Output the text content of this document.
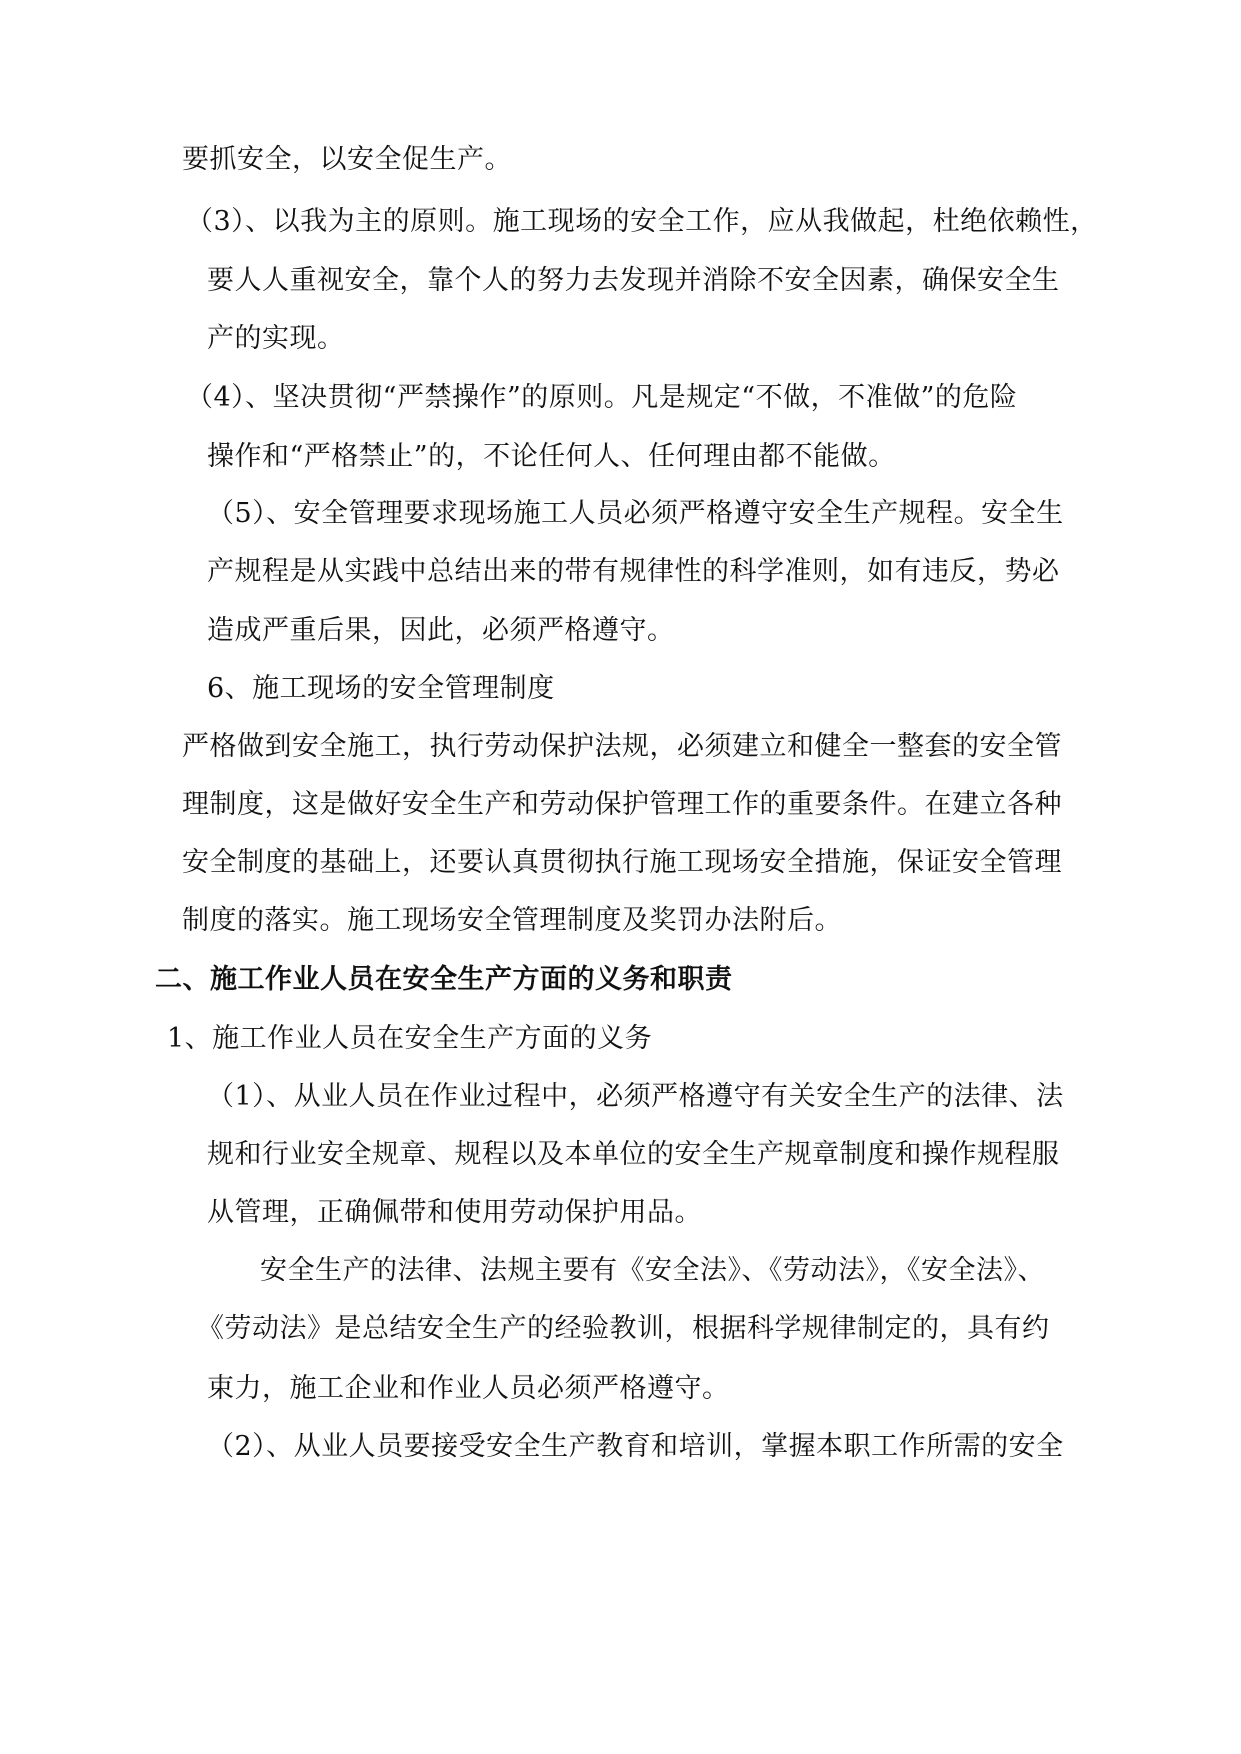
要抓安全，以安全促生产。
（3）、以我为主的原则。施工现场的安全工作，应从我做起，杜绝依赖性，
要人人重视安全，靠个人的努力去发现并消除不安全因素，确保安全生
产的实现。
（4）、坚决贯彻“严禁操作”的原则。凡是规定“不做，不准做”的危险
操作和“严格禁止”的，不论任何人、任何理由都不能做。
（5）、安全管理要求现场施工人员必须严格遵守安全生产规程。安全生
产规程是从实践中总结出来的带有规律性的科学准则，如有违反，势必
造成严重后果，因此，必须严格遵守。
6、施工现场的安全管理制度
严格做到安全施工，执行劳动保护法规，必须建立和健全一整套的安全管
理制度，这是做好安全生产和劳动保护管理工作的重要条件。在建立各种
安全制度的基础上，还要认真贯彻执行施工现场安全措施，保证安全管理
制度的落实。施工现场安全管理制度及奖罚办法附后。
二、施工作业人员在安全生产方面的义务和职责
1、施工作业人员在安全生产方面的义务
（1）、从业人员在作业过程中，必须严格遵守有关安全生产的法律、法
规和行业安全规章、规程以及本单位的安全生产规章制度和操作规程服
从管理，正确佩带和使用劳动保护用品。
安全生产的法律、法规主要有《安全法》、《劳动法》，《安全法》、
《劳动法》是总结安全生产的经验教训，根据科学规律制定的，具有约
束力，施工企业和作业人员必须严格遵守。
（2）、从业人员要接受安全生产教育和培训，掌握本职工作所需的安全
